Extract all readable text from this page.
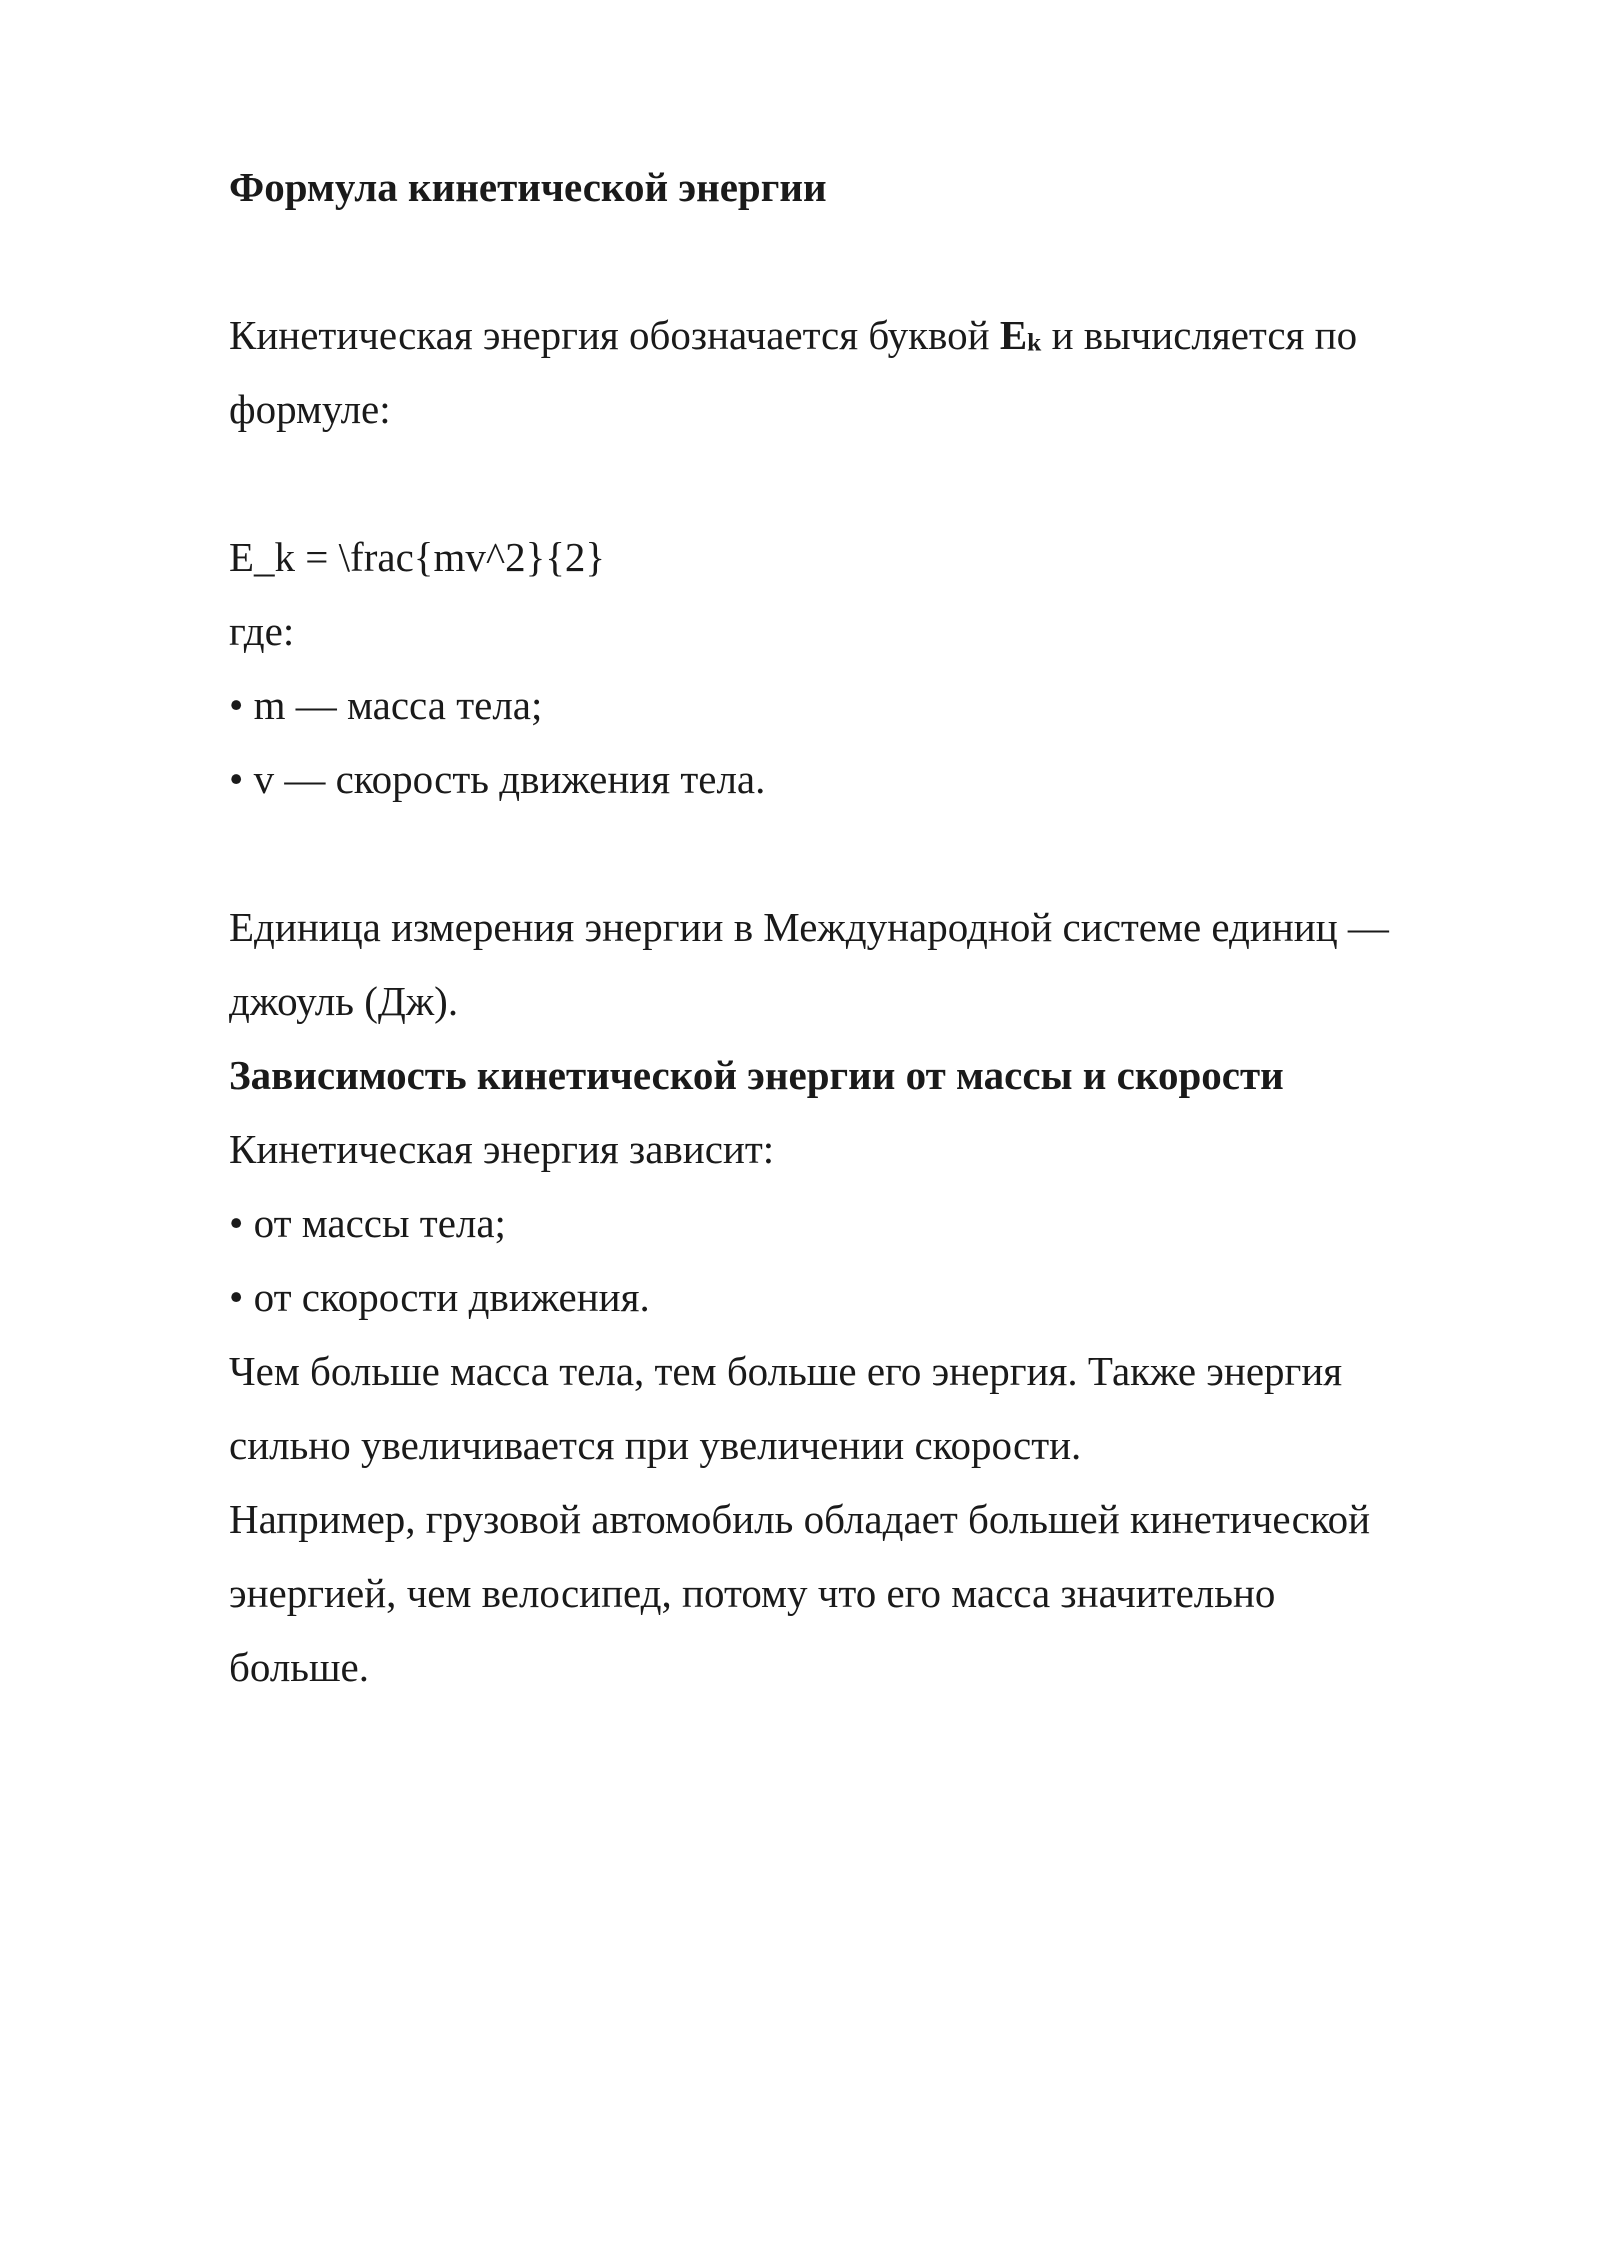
Формула кинетической энергии

Кинетическая энергия обозначается буквой $E_k$ и вычисляется по

формуле:

E_k = \frac{mv^2}{2}

где:

• m — масса тела;

• v — скорость движения тела.

Единица измерения энергии в Международной системе единиц —

джоуль (Дж).

Зависимость кинетической энергии от массы и скорости

Кинетическая энергия зависит:

• от массы тела;

• от скорости движения.

Чем больше масса тела, тем больше его энергия. Также энергия

сильно увеличивается при увеличении скорости.

Например, грузовой автомобиль обладает большей кинетической

энергией, чем велосипед, потому что его масса значительно

больше.
